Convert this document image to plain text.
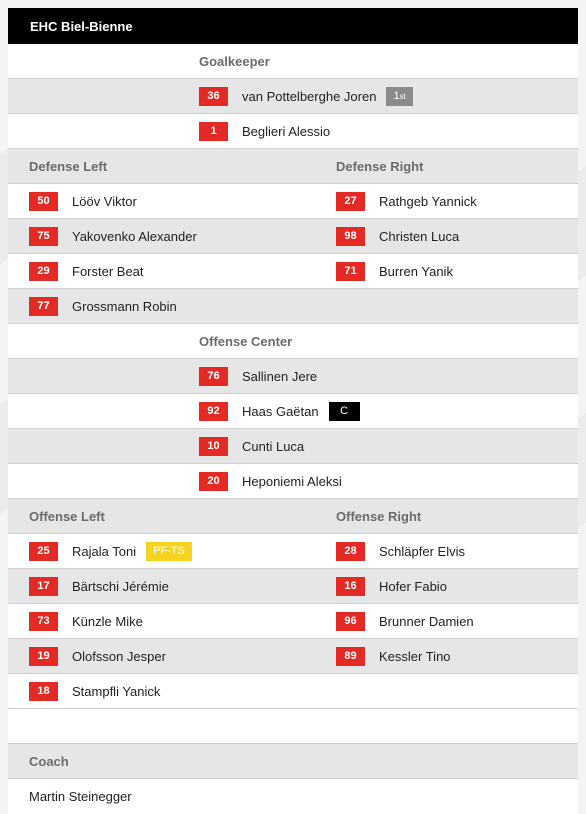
EHC Biel-Bienne
Goalkeeper
36	van Pottelberghe Joren 1 st
1	Beglieri Alessio
Defense Left	Defense Right
50	Lööv Viktor	27	Rathgeb Yannick
75	Yakovenko Alexander	98	Christen Luca
29	Forster Beat	71	Burren Yanik
77	Grossmann Robin
Offense Center
76	Sallinen Jere
92	Haas Gaëtan	C
10	Cunti Luca
20	Heponiemi Aleksi
Offense Left	Offense Right
25	Rajala Toni	PF-TS	28	Schläpfer Elvis
17	Bärtschi Jérémie	16	Hofer Fabio
73	Künzle Mike	96	Brunner Damien
19	Olofsson Jesper	89	Kessler Tino
18	Stampfli Yanick
Coach
Martin Steinegger
